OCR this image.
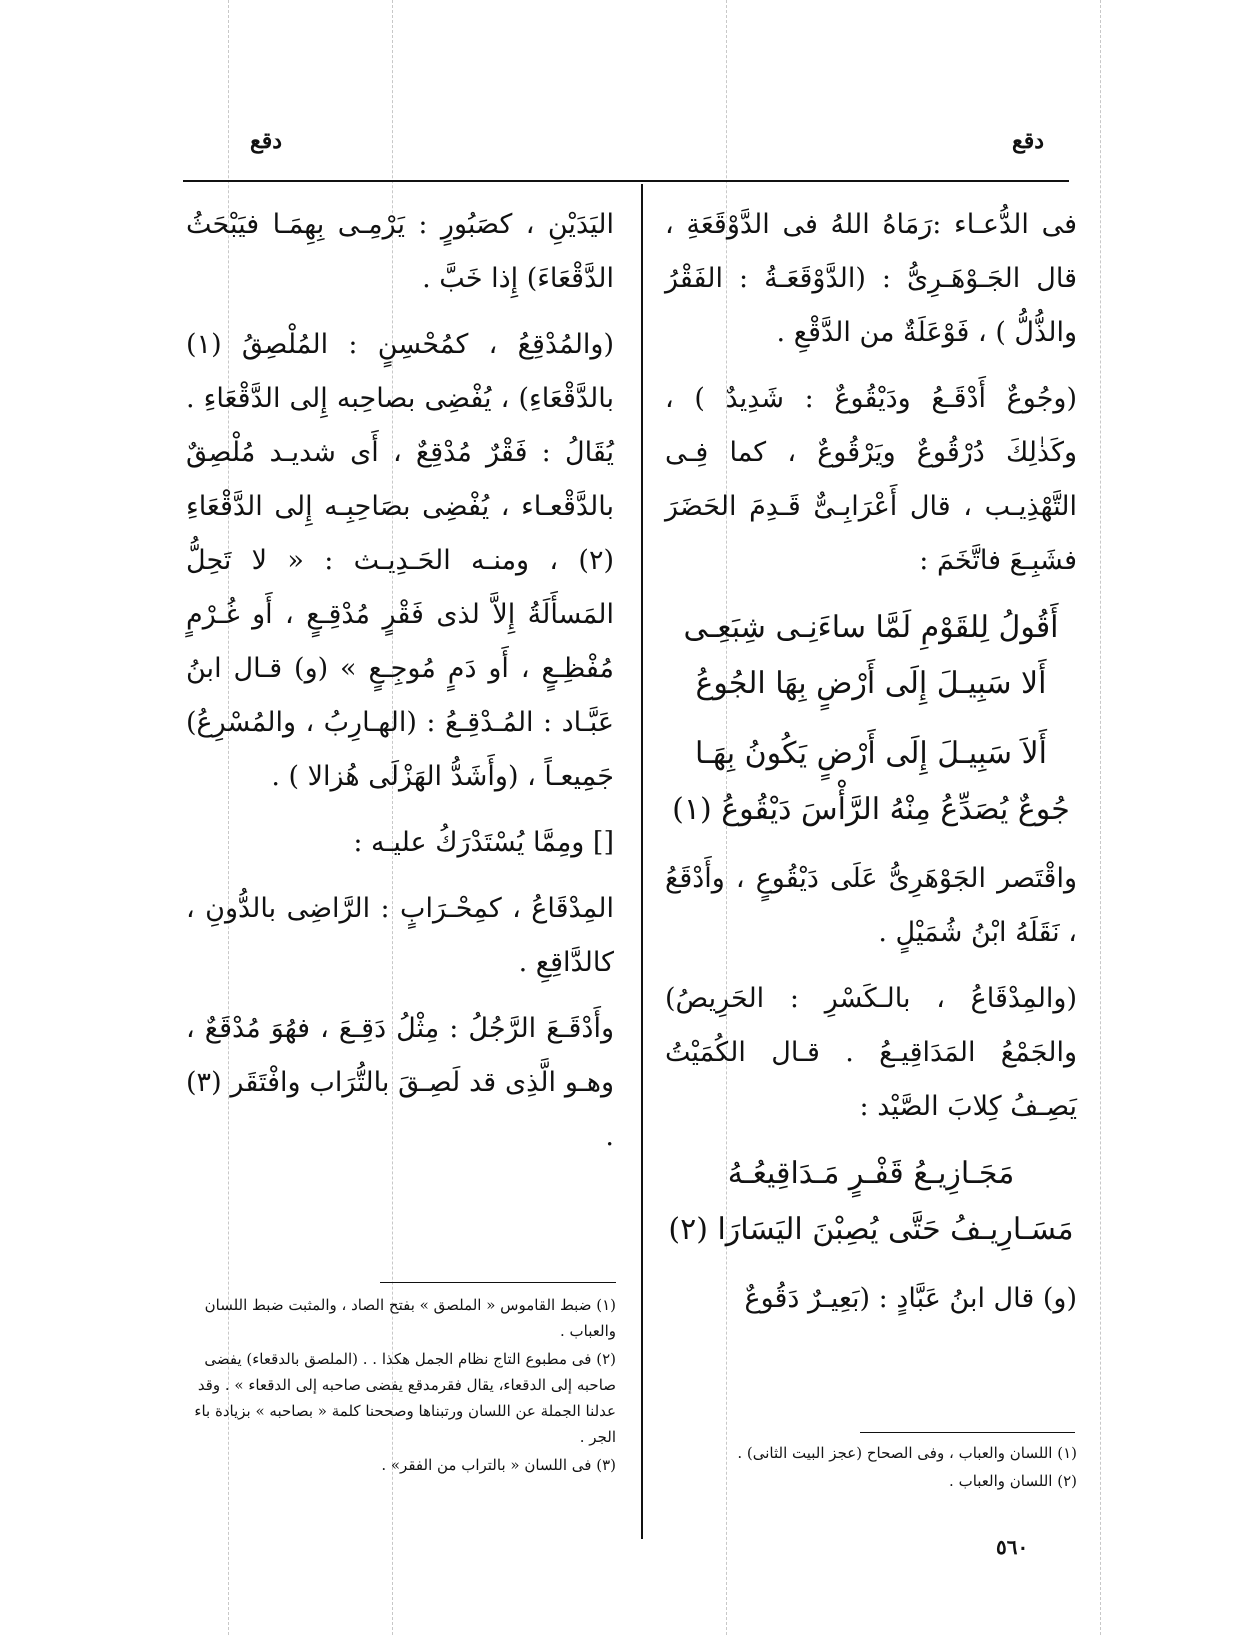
دقع
دقع

فى الدُّعـاء :رَمَاهُ اللهُ فى الدَّوْقَعَةِ ، قال الجَـوْهَـرِىُّ : (الدَّوْقَعَـةُ : الفَقْرُ والذُّلُّ ) ، فَوْعَلَةٌ من الدَّقْعِ .

(وجُوعٌ أَدْقَـعُ ودَيْقُوعٌ : شَدِيدٌ ) ، وكَذٰلِكَ دُرْقُوعٌ ويَرْقُوعٌ ، كما فِـى التَّهْذِيـب ، قال أَعْرَابِـىٌّ قَـدِمَ الحَضَرَ فشَبِـعَ فاتَّخَمَ :

أَقُولُ لِلقَوْمِ لَمَّا ساءَنِـى شِبَعِـى
أَلا سَبِيـلَ إِلَى أَرْضٍ بِهَا الجُوعُ
أَلاَ سَبِيـلَ إِلَى أَرْضٍ يَكُونُ بِهَـا
جُوعٌ يُصَدِّعُ مِنْهُ الرَّأْسَ دَيْقُوعُ (١)

واقْتَصر الجَوْهَرِىُّ عَلَى دَيْقُوعٍ ، وأَدْقَعُ ، نَقَلَهُ ابْنُ شُمَيْلٍ .

(والمِدْقَاعُ ، بالـكَسْرِ : الحَرِيصُ) والجَمْعُ المَدَاقِيـعُ . قـال الكُمَيْتُ يَصِـفُ كِلابَ الصَّيْد :

مَجَـازِيـعُ قَفْـرٍ مَـدَاقِيعُـهُ
مَسَـارِيـفُ حَتَّى يُصِبْنَ اليَسَارَا (٢)

(و) قال ابنُ عَبَّادٍ : (بَعِيـرٌ دَقُوعٌ

اليَدَيْنِ ، كصَبُورٍ : يَرْمِـى بِهِمَـا فيَبْحَثُ الدَّقْعَاءَ) إِذا خَبَّ .

(والمُدْقِعُ ، كمُحْسِنٍ : المُلْصِقُ (١) بالدَّقْعَاءِ) ، يُفْضِى بصاحِبه إِلى الدَّقْعَاءِ . يُقَالُ : فَقْرٌ مُدْقِعٌ ، أَى شديـد مُلْصِقٌ بالدَّقْعـاء ، يُفْضِى بصَاحِبِـه إِلى الدَّقْعَاءِ (٢) ، ومنـه الحَـدِيـث : « لا تَحِلُّ المَسأَلَةُ إِلاَّ لذى فَقْرٍ مُدْقِـعٍ ، أَو غُـرْمٍ مُفْظِـعٍ ، أَو دَمٍ مُوجِـعٍ » (و) قـال ابنُ عَبَّـاد : المُـدْقِـعُ : (الهـارِبُ ، والمُسْرِعُ) جَمِيعـاً ، (وأَشَدُّ الهَزْلَى هُزالا ) .

[] ومِمَّا يُسْتَدْرَكُ عليـه :

المِدْقَاعُ ، كمِحْـرَابٍ : الرَّاضِى بالدُّونِ ، كالدَّاقِعِ .

وأَدْقَـعَ الرَّجُلُ : مِثْلُ دَقِـعَ ، فهُوَ مُدْقَعٌ ، وهـو الَّذِى قد لَصِـقَ بالتُّرَاب وافْتَقَر (٣) .

(١) ضبط القاموس « الملصق » بفتح الصاد ، والمثبت ضبط اللسان والعباب .

(٢) فى مطبوع التاج نظام الجمل هكذا . . (الملصق بالدقعاء) يفضى صاحبه إلى الدقعاء، يقال فقرمدقع يفضى صاحبه إلى الدقعاء » . وقد عدلنا الجملة عن اللسان ورتبناها وصححنا كلمة « بصاحبه » بزيادة باء الجر .

(٣) فى اللسان « بالتراب من الفقر» .

(١) اللسان والعباب ، وفى الصحاح (عجز البيت الثانى) .

(٢) اللسان والعباب .

٥٦٠
